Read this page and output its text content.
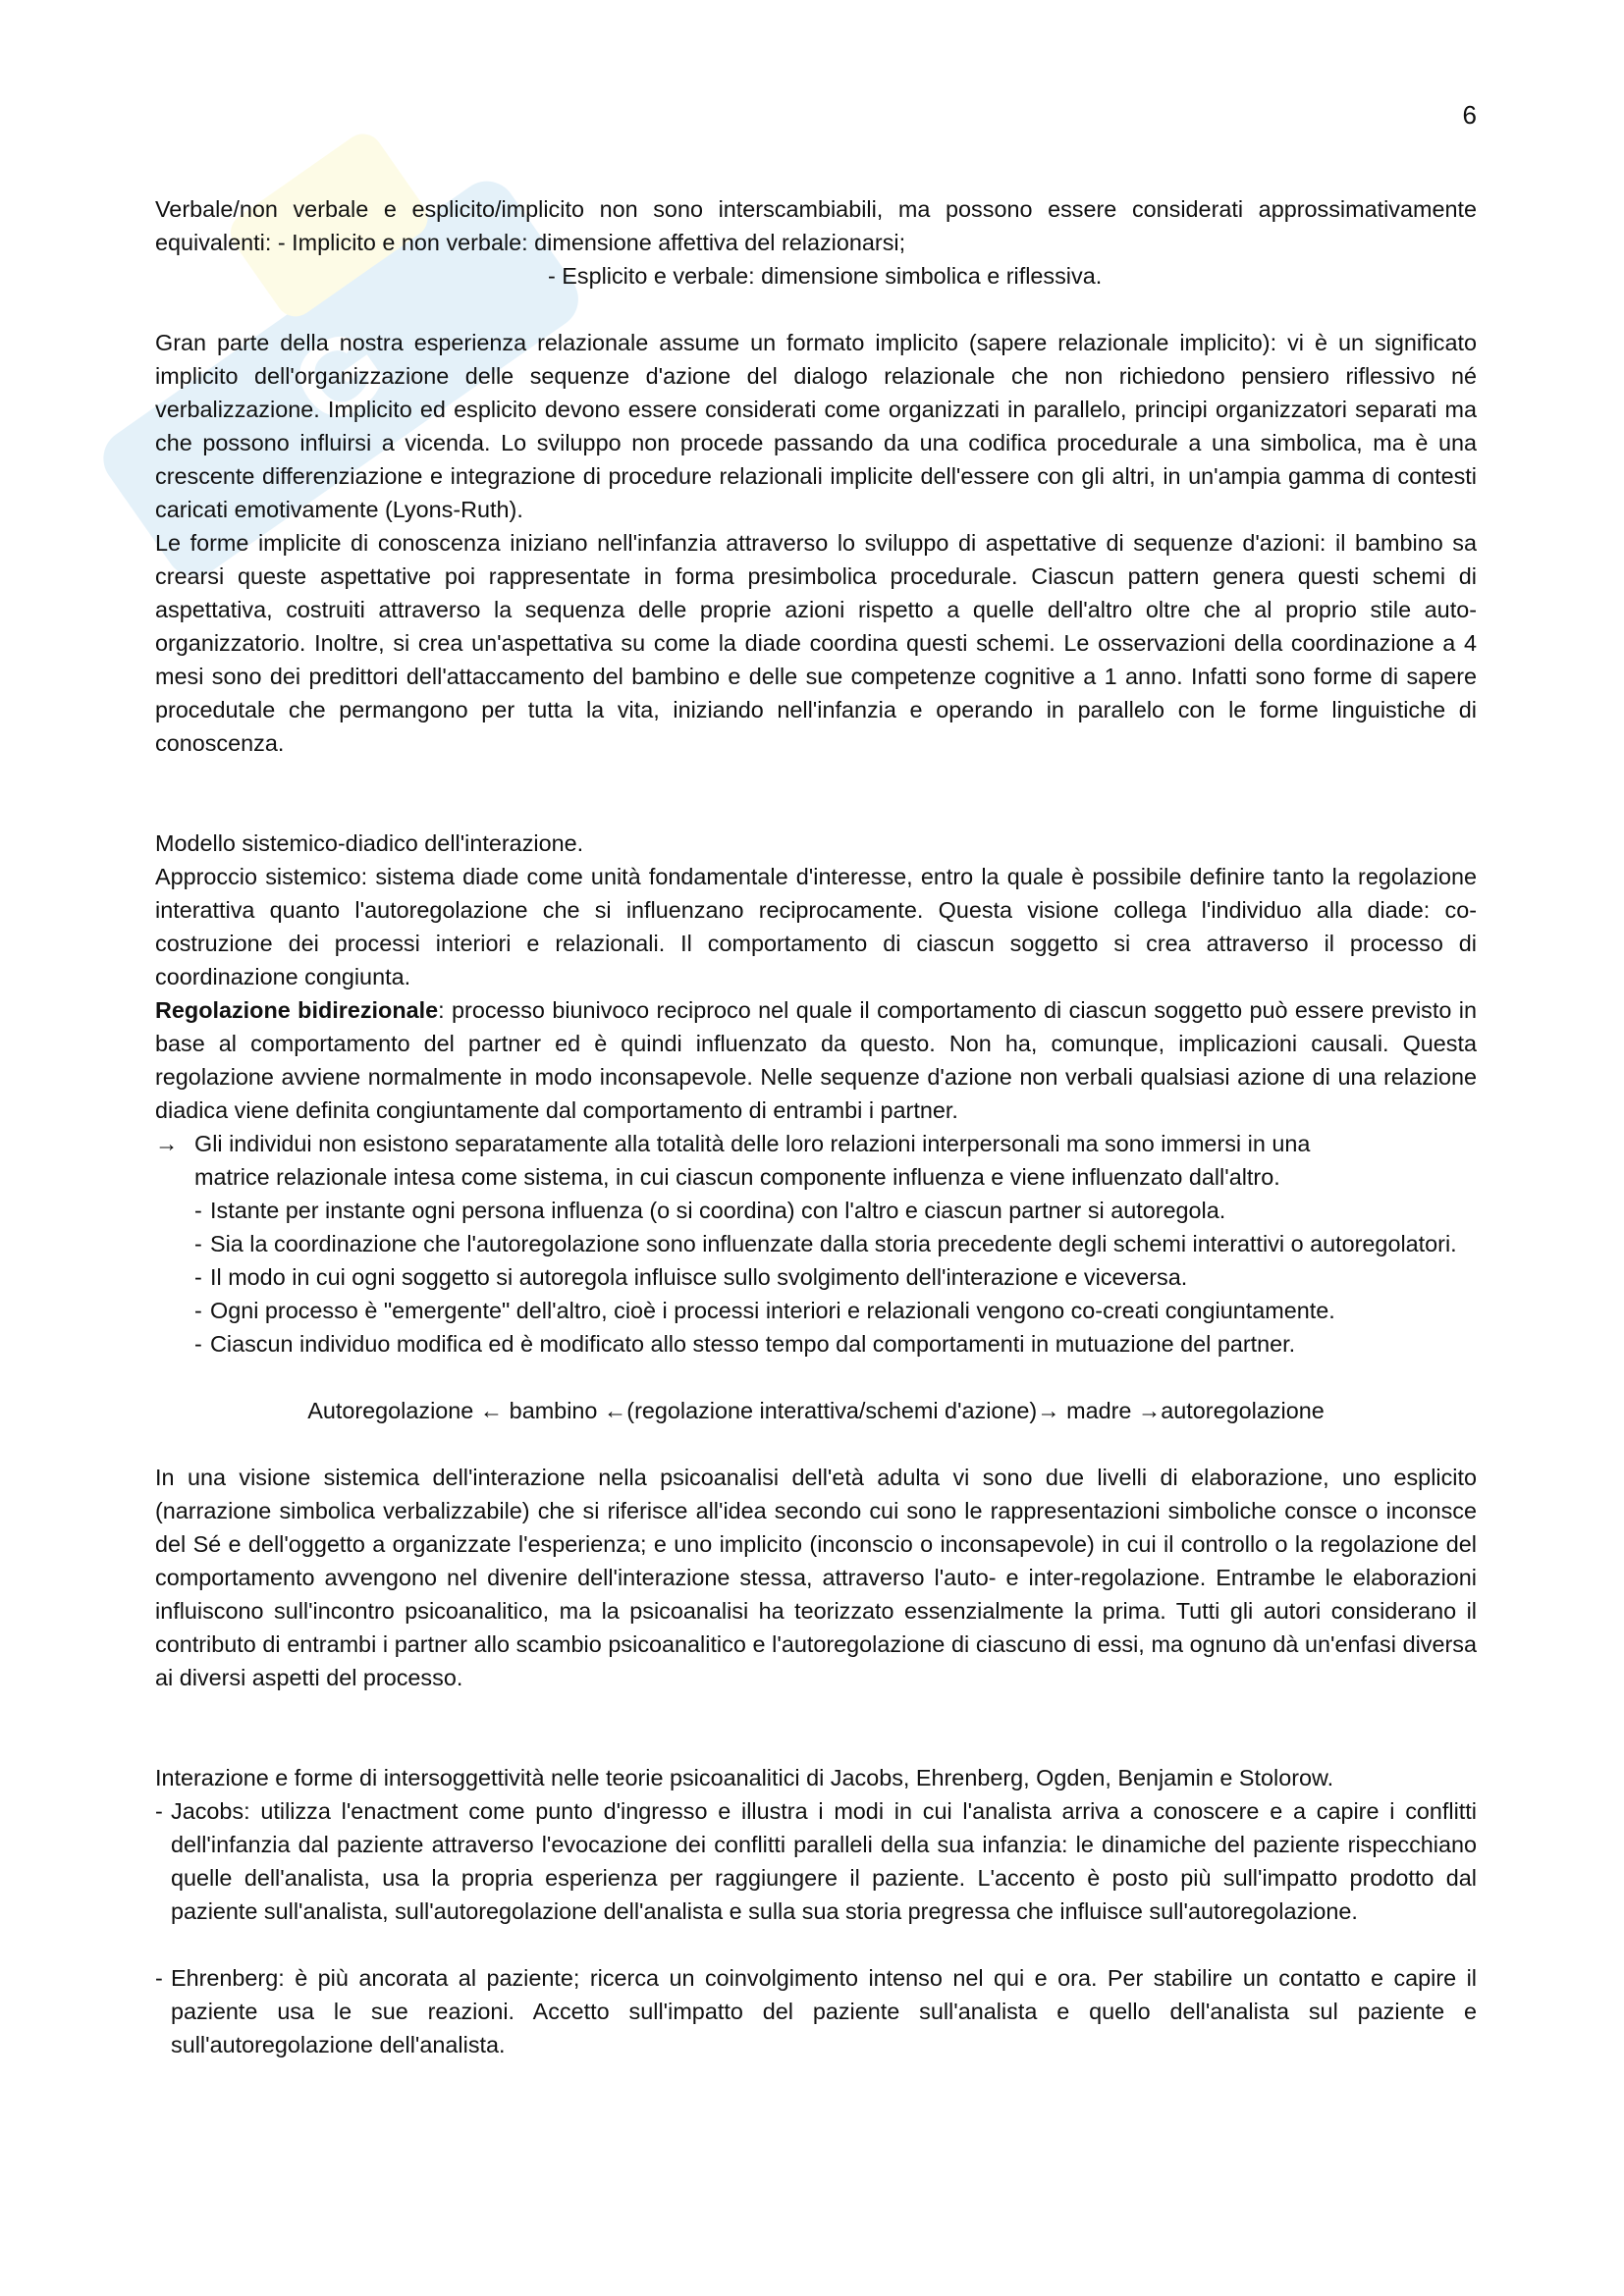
G
6

Verbale/non verbale e esplicito/implicito non sono interscambiabili, ma possono essere considerati approssimativamente equivalenti: - Implicito e non verbale: dimensione affettiva del relazionarsi;

- Esplicito e verbale: dimensione simbolica e riflessiva.

Gran parte della nostra esperienza relazionale assume un formato implicito (sapere relazionale implicito): vi è un significato implicito dell'organizzazione delle sequenze d'azione del dialogo relazionale che non richiedono pensiero riflessivo né verbalizzazione. Implicito ed esplicito devono essere considerati come organizzati in parallelo, principi organizzatori separati ma che possono influirsi a vicenda. Lo sviluppo non procede passando da una codifica procedurale a una simbolica, ma è una crescente differenziazione e integrazione di procedure relazionali implicite dell'essere con gli altri, in un'ampia gamma di contesti caricati emotivamente (Lyons-Ruth).

Le forme implicite di conoscenza iniziano nell'infanzia attraverso lo sviluppo di aspettative di sequenze d'azioni: il bambino sa crearsi queste aspettative poi rappresentate in forma presimbolica procedurale. Ciascun pattern genera questi schemi di aspettativa, costruiti attraverso la sequenza delle proprie azioni rispetto a quelle dell'altro oltre che al proprio stile auto-organizzatorio. Inoltre, si crea un'aspettativa su come la diade coordina questi schemi. Le osservazioni della coordinazione a 4 mesi sono dei predittori dell'attaccamento del bambino e delle sue competenze cognitive a 1 anno. Infatti sono forme di sapere procedutale che permangono per tutta la vita, iniziando nell'infanzia e operando in parallelo con le forme linguistiche di conoscenza.

Modello sistemico-diadico dell'interazione.

Approccio sistemico: sistema diade come unità fondamentale d'interesse, entro la quale è possibile definire tanto la regolazione interattiva quanto l'autoregolazione che si influenzano reciprocamente. Questa visione collega l'individuo alla diade: co-costruzione dei processi interiori e relazionali. Il comportamento di ciascun soggetto si crea attraverso il processo di coordinazione congiunta.

Regolazione bidirezionale: processo biunivoco reciproco nel quale il comportamento di ciascun soggetto può essere previsto in base al comportamento del partner ed è quindi influenzato da questo. Non ha, comunque, implicazioni causali. Questa regolazione avviene normalmente in modo inconsapevole. Nelle sequenze d'azione non verbali qualsiasi azione di una relazione diadica viene definita congiuntamente dal comportamento di entrambi i partner.

→ Gli individui non esistono separatamente alla totalità delle loro relazioni interpersonali ma sono immersi in una

matrice relazionale intesa come sistema, in cui ciascun componente influenza e viene influenzato dall'altro.

- Istante per instante ogni persona influenza (o si coordina) con l'altro e ciascun partner si autoregola.
- Sia la coordinazione che l'autoregolazione sono influenzate dalla storia precedente degli schemi interattivi o autoregolatori.
- Il modo in cui ogni soggetto si autoregola influisce sullo svolgimento dell'interazione e viceversa.
- Ogni processo è "emergente" dell'altro, cioè i processi interiori e relazionali vengono co-creati congiuntamente.
- Ciascun individuo modifica ed è modificato allo stesso tempo dal comportamenti in mutuazione del partner.

Autoregolazione ← bambino ←(regolazione interattiva/schemi d'azione)→ madre →autoregolazione

In una visione sistemica dell'interazione nella psicoanalisi dell'età adulta vi sono due livelli di elaborazione, uno esplicito (narrazione simbolica verbalizzabile) che si riferisce all'idea secondo cui sono le rappresentazioni simboliche consce o inconsce del Sé e dell'oggetto a organizzate l'esperienza; e uno implicito (inconscio o inconsapevole) in cui il controllo o la regolazione del comportamento avvengono nel divenire dell'interazione stessa, attraverso l'auto- e inter-regolazione. Entrambe le elaborazioni influiscono sull'incontro psicoanalitico, ma la psicoanalisi ha teorizzato essenzialmente la prima. Tutti gli autori considerano il contributo di entrambi i partner allo scambio psicoanalitico e l'autoregolazione di ciascuno di essi, ma ognuno dà un'enfasi diversa ai diversi aspetti del processo.

Interazione e forme di intersoggettività nelle teorie psicoanalitici di Jacobs, Ehrenberg, Ogden, Benjamin e Stolorow.

- Jacobs: utilizza l'enactment come punto d'ingresso e illustra i modi in cui l'analista arriva a conoscere e a capire i conflitti dell'infanzia dal paziente attraverso l'evocazione dei conflitti paralleli della sua infanzia: le dinamiche del paziente rispecchiano quelle dell'analista, usa la propria esperienza per raggiungere il paziente. L'accento è posto più sull'impatto prodotto dal paziente sull'analista, sull'autoregolazione dell'analista e sulla sua storia pregressa che influisce sull'autoregolazione.
- Ehrenberg: è più ancorata al paziente; ricerca un coinvolgimento intenso nel qui e ora. Per stabilire un contatto e capire il paziente usa le sue reazioni. Accetto sull'impatto del paziente sull'analista e quello dell'analista sul paziente e sull'autoregolazione dell'analista.
